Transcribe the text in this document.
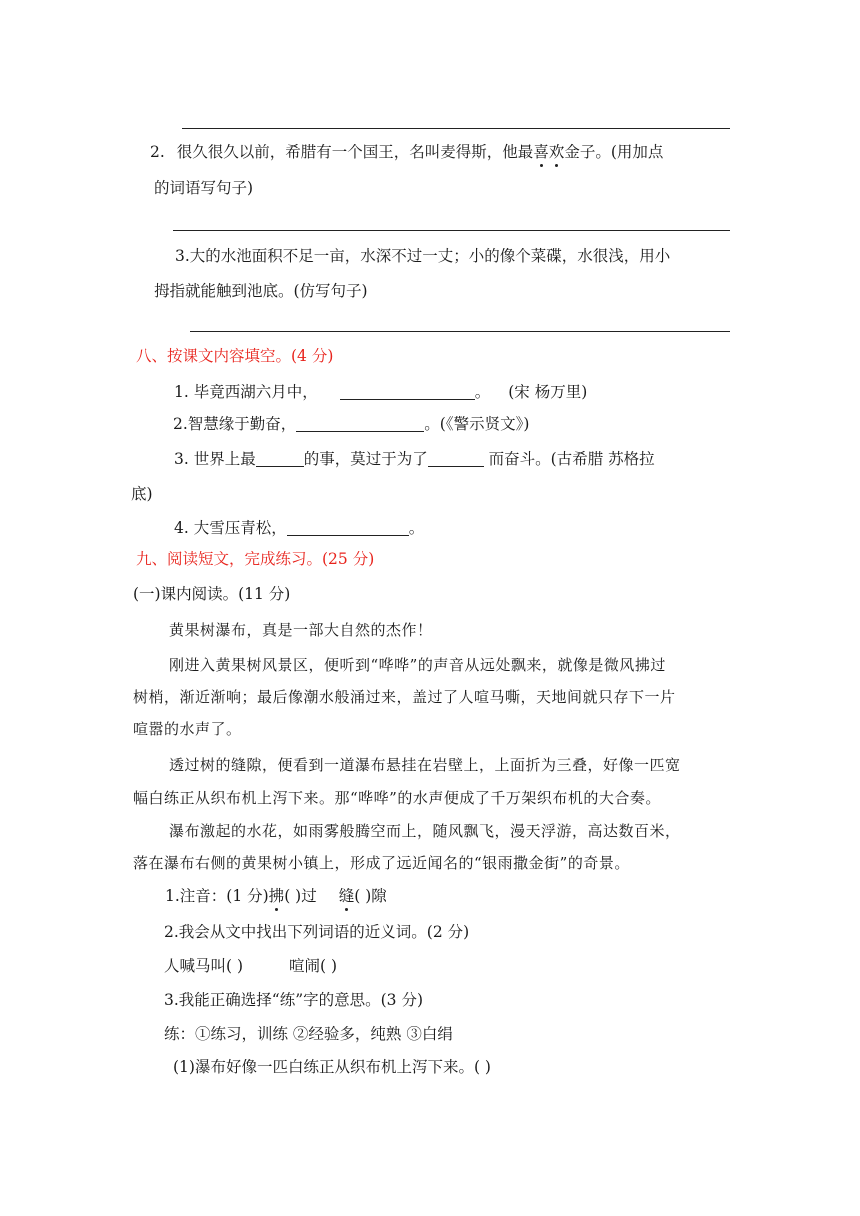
2. 很久很久以前，希腊有一个国王，名叫麦得斯，他最喜欢金子。(用加点
的词语写句子)
3.大的水池面积不足一亩，水深不过一丈；小的像个菜碟，水很浅，用小
拇指就能触到池底。(仿写句子)
八、按课文内容填空。(4 分)
1. 毕竟西湖六月中，	。 (宋 杨万里)
2.智慧缘于勤奋，	。(《警示贤文》)
3. 世界上最	的事，莫过于为了	而奋斗。(古希腊 苏格拉
底)
4. 大雪压青松，	。
九、阅读短文，完成练习。(25 分)
(一)课内阅读。(11 分)
黄果树瀑布，真是一部大自然的杰作！
刚进入黄果树风景区，便听到“哗哗”的声音从远处飘来，就像是微风拂过
树梢，渐近渐响；最后像潮水般涌过来，盖过了人喧马嘶，天地间就只存下一片
喧嚣的水声了。
透过树的缝隙，便看到一道瀑布悬挂在岩壁上，上面折为三叠，好像一匹宽
幅白练正从织布机上泻下来。那“哗哗”的水声便成了千万架织布机的大合奏。
瀑布激起的水花，如雨雾般腾空而上，随风飘飞，漫天浮游，高达数百米，
落在瀑布右侧的黄果树小镇上，形成了远近闻名的“银雨撒金街”的奇景。
1.注音：(1 分)拂( )过 缝( )隙
2.我会从文中找出下列词语的近义词。(2 分)
人喊马叫( )	喧闹( )
3.我能正确选择“练”字的意思。(3 分)
练：①练习，训练 ②经验多，纯熟 ③白绢
(1)瀑布好像一匹白练正从织布机上泻下来。( )
